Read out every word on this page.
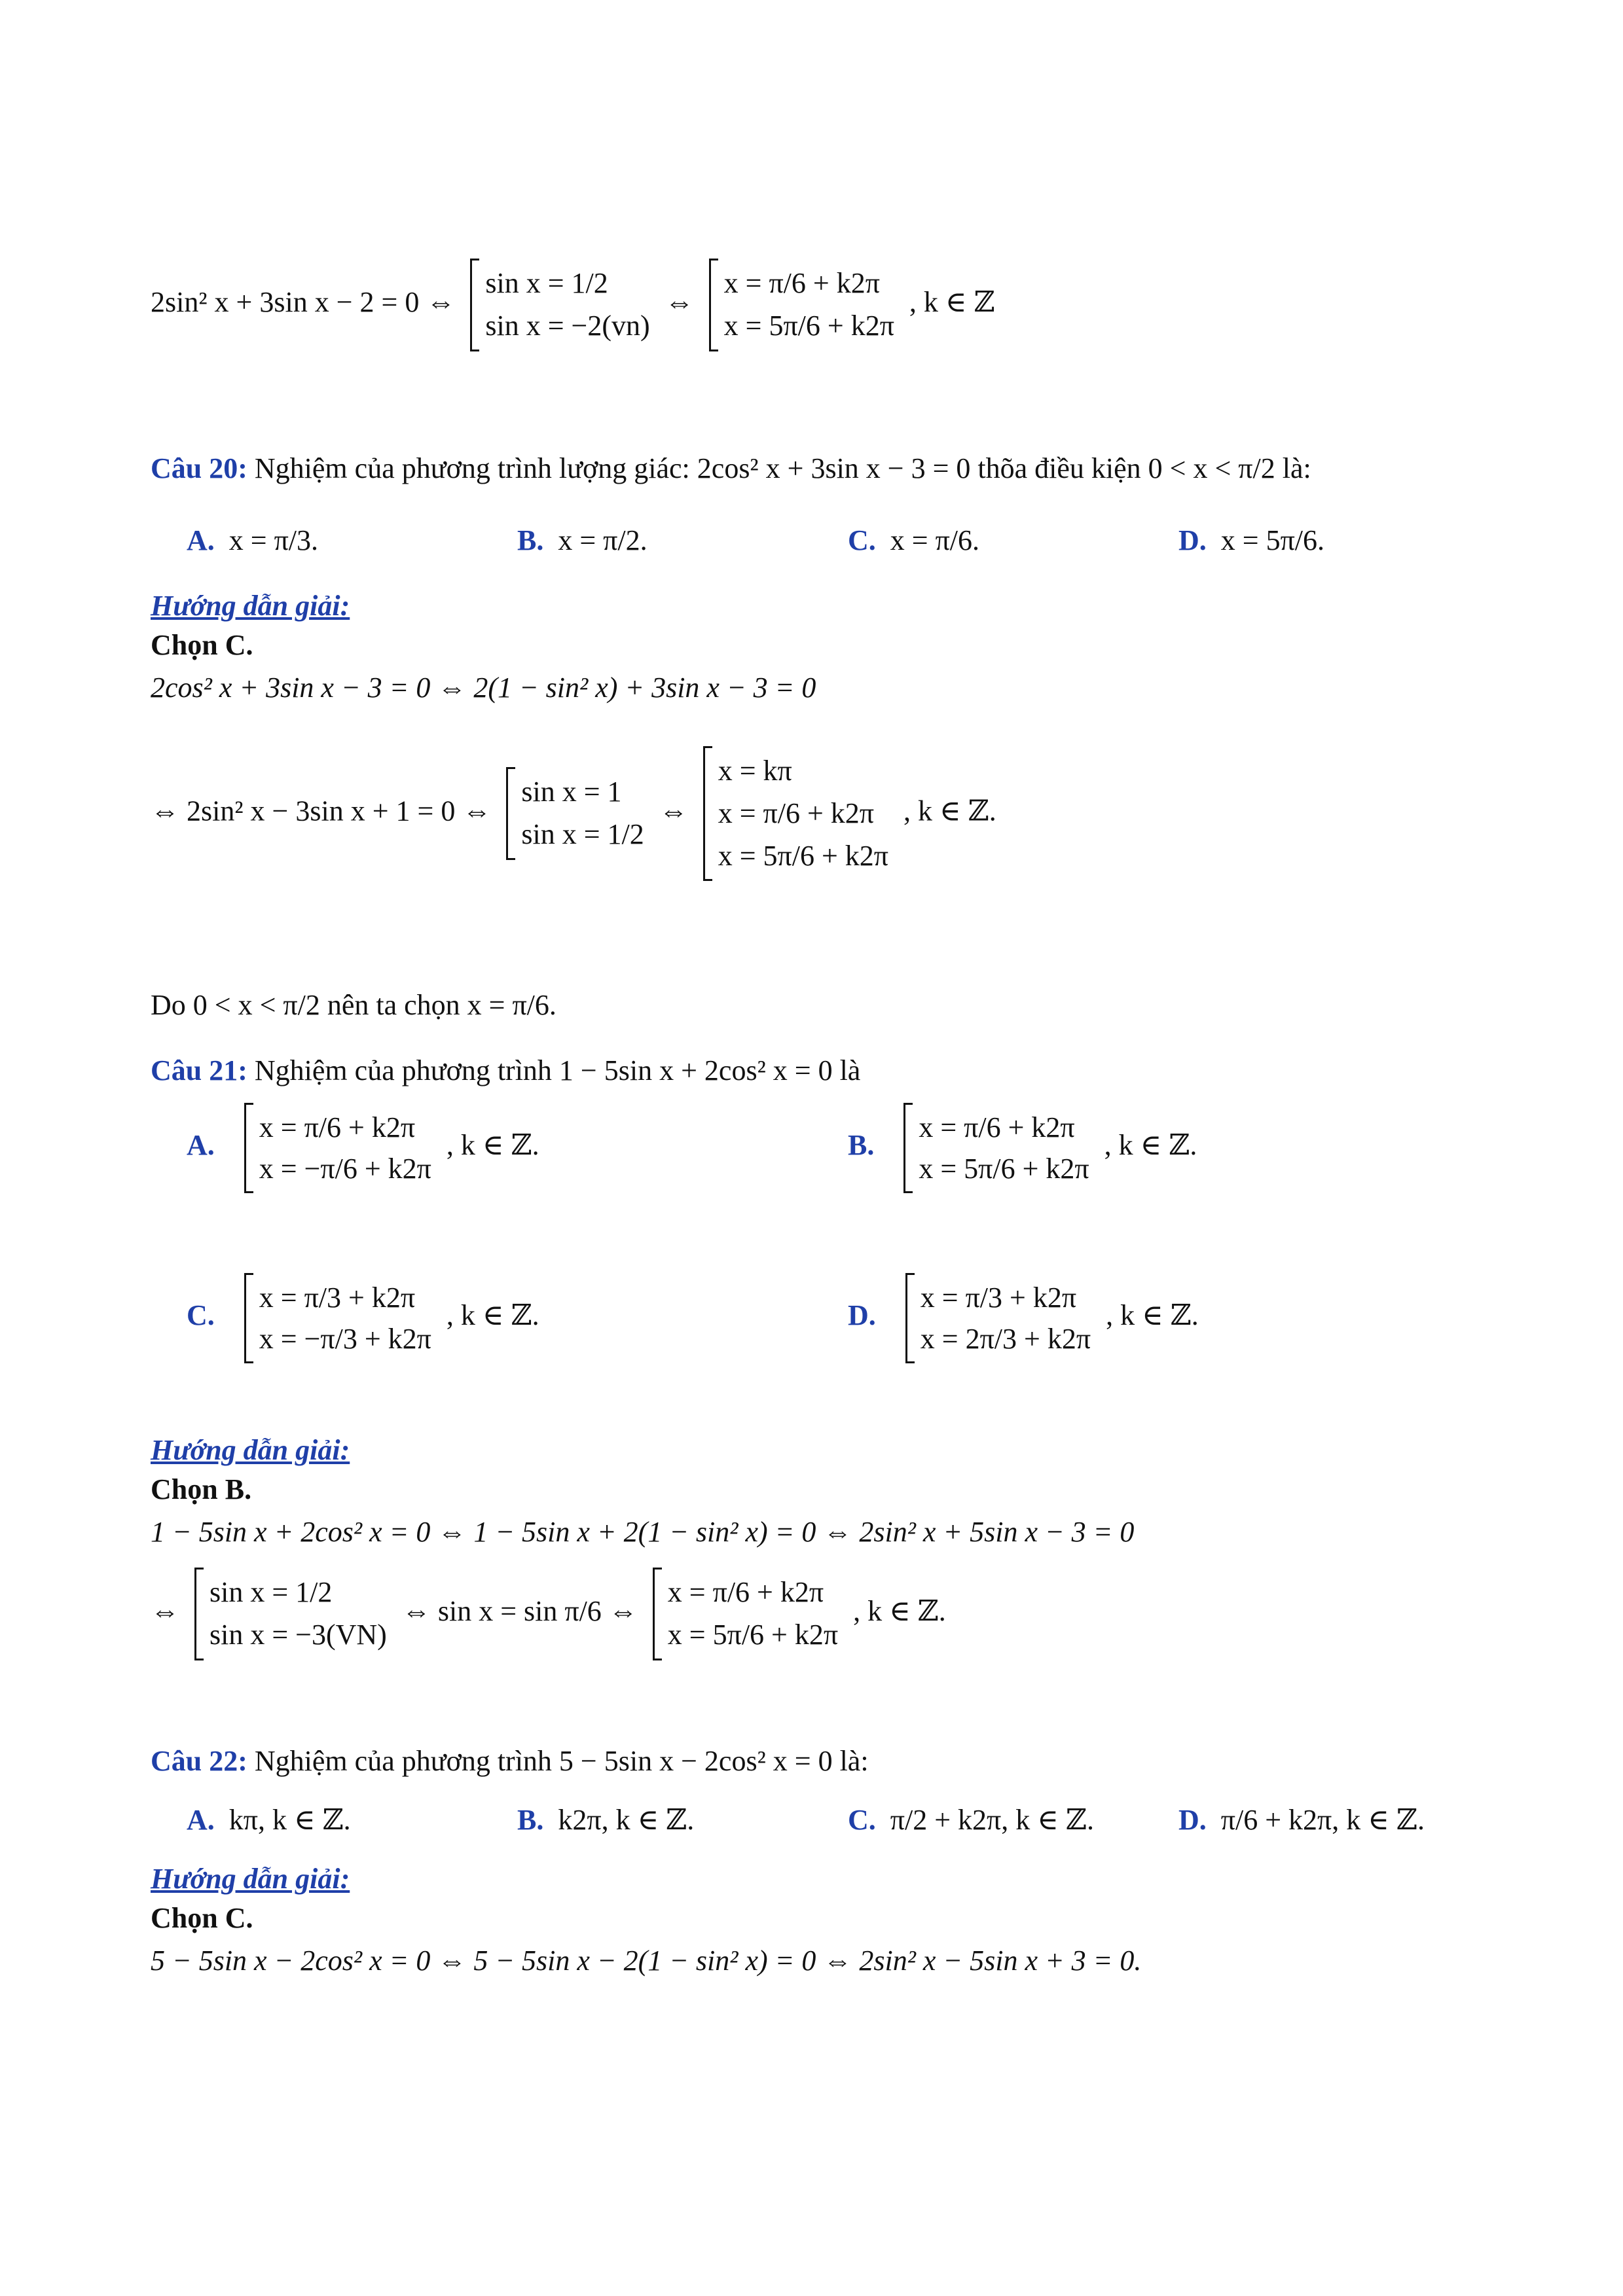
2sin² x + 3sin x − 2 = 0 ⇔
sin x = 1/2
sin x = −2(vn)
⇔
x = π/6 + k2π
x = 5π/6 + k2π
, k ∈ ℤ
Câu 20: Nghiệm của phương trình lượng giác: 2cos² x + 3sin x − 3 = 0 thõa điều kiện 0 < x < π/2 là:
A. x = π/3.	B. x = π/2.	C. x = π/6.	D. x = 5π/6.
Hướng dẫn giải:
Chọn C.
2cos² x + 3sin x − 3 = 0 ⇔ 2(1 − sin² x) + 3sin x − 3 = 0
⇔ 2sin² x − 3sin x + 1 = 0 ⇔
sin x = 1
sin x = 1/2
⇔
x = kπ
x = π/6 + k2π
x = 5π/6 + k2π
, k ∈ ℤ.
Do 0 < x < π/2 nên ta chọn x = π/6.
Câu 21: Nghiệm của phương trình 1 − 5sin x + 2cos² x = 0 là
A.
x = π/6 + k2π
x = −π/6 + k2π
, k ∈ ℤ.	B.
x = π/6 + k2π
x = 5π/6 + k2π
, k ∈ ℤ.
C.
x = π/3 + k2π
x = −π/3 + k2π
, k ∈ ℤ.	D.
x = π/3 + k2π
x = 2π/3 + k2π
, k ∈ ℤ.
Hướng dẫn giải:
Chọn B.
1 − 5sin x + 2cos² x = 0 ⇔ 1 − 5sin x + 2(1 − sin² x) = 0 ⇔ 2sin² x + 5sin x − 3 = 0
⇔
sin x = 1/2
sin x = −3(VN)
⇔ sin x = sin π/6 ⇔
x = π/6 + k2π
x = 5π/6 + k2π
, k ∈ ℤ.
Câu 22: Nghiệm của phương trình 5 − 5sin x − 2cos² x = 0 là:
A. kπ, k ∈ ℤ.	B. k2π, k ∈ ℤ.	C. π/2 + k2π, k ∈ ℤ.	D. π/6 + k2π, k ∈ ℤ.
Hướng dẫn giải:
Chọn C.
5 − 5sin x − 2cos² x = 0 ⇔ 5 − 5sin x − 2(1 − sin² x) = 0 ⇔ 2sin² x − 5sin x + 3 = 0.
